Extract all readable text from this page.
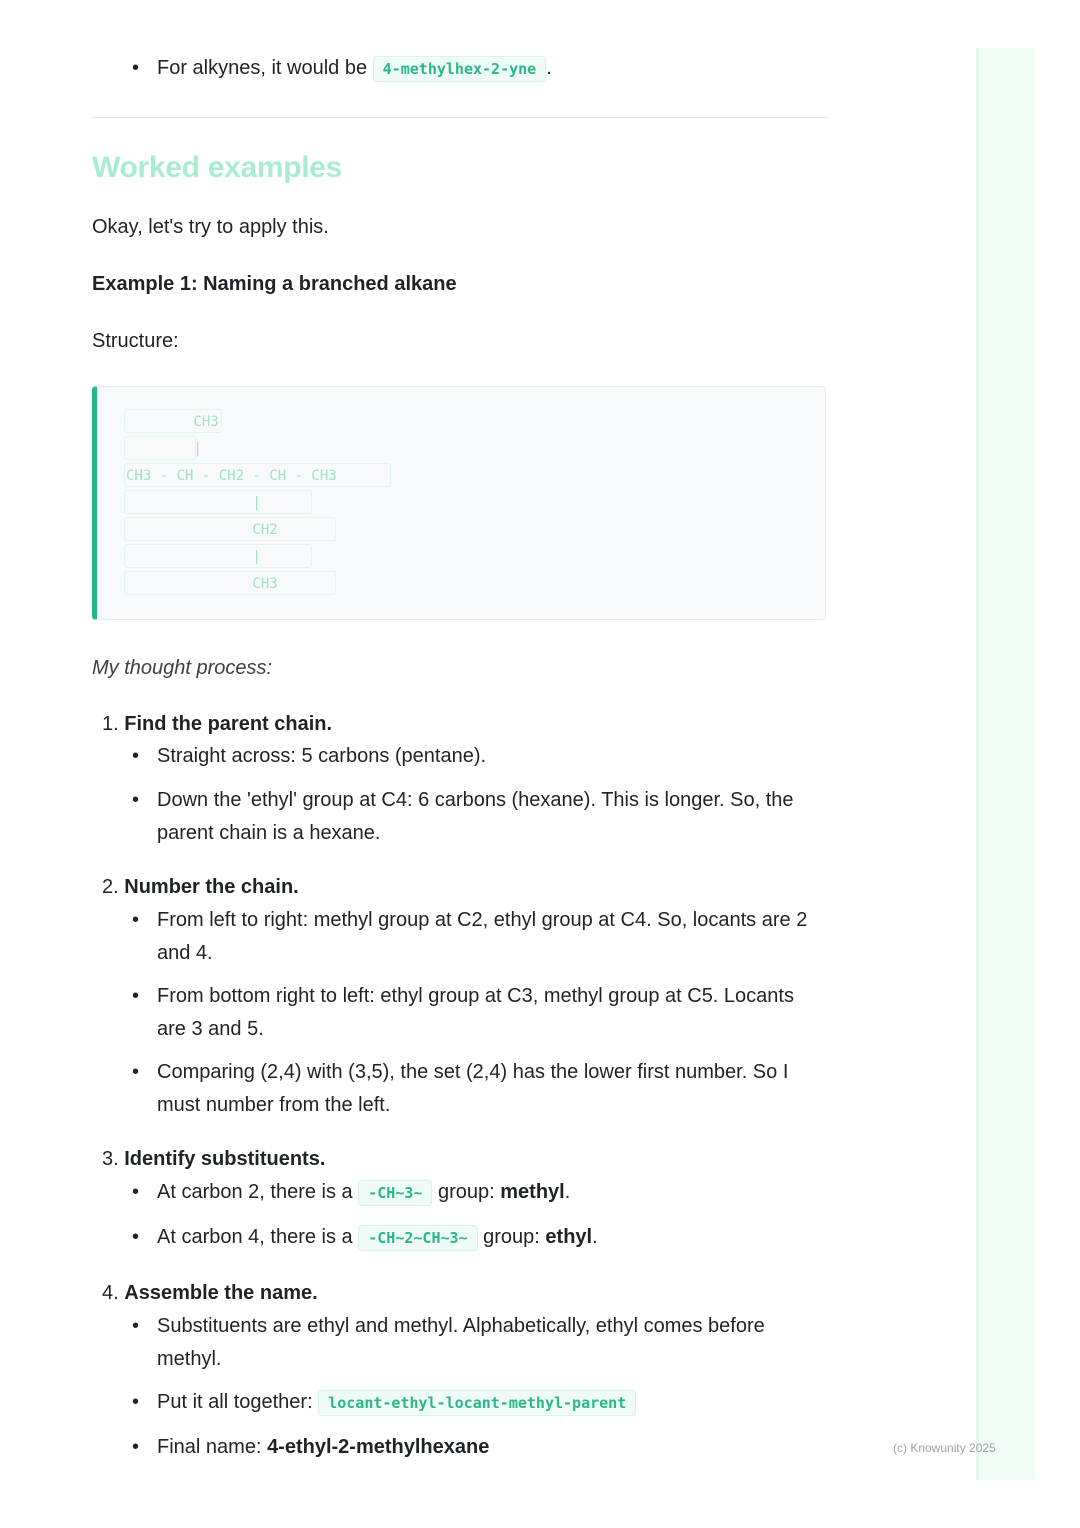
(c) Knowunity 2025
• For alkynes, it would be 4-methylhex-2-yne .
Worked examples
Okay, let's try to apply this.
Example 1: Naming a branched alkane
Structure:
CH3
|
CH3 - CH - CH2 - CH - CH3
|
CH2
|
CH3
My thought process:
1. Find the parent chain.
• Straight across: 5 carbons (pentane).
• Down the 'ethyl' group at C4: 6 carbons (hexane). This is longer. So, the parent chain is a hexane.
2. Number the chain.
• From left to right: methyl group at C2, ethyl group at C4. So, locants are 2 and 4.
• From bottom right to left: ethyl group at C3, methyl group at C5. Locants are 3 and 5.
• Comparing (2,4) with (3,5), the set (2,4) has the lower first number. So I must number from the left.
3. Identify substituents.
• At carbon 2, there is a -CH~3~ group: methyl.
• At carbon 4, there is a -CH~2~CH~3~ group: ethyl.
4. Assemble the name.
• Substituents are ethyl and methyl. Alphabetically, ethyl comes before methyl.
• Put it all together: locant-ethyl-locant-methyl-parent
• Final name: 4-ethyl-2-methylhexane
